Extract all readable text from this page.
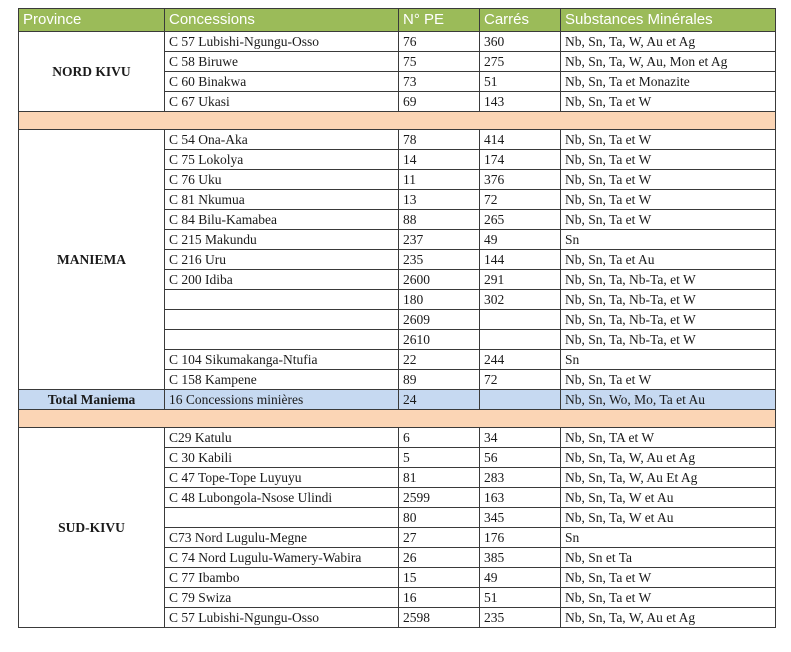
Province	Concessions	N° PE	Carrés	Substances Minérales
NORD KIVU	C 57 Lubishi-Ngungu-Osso	76	360	Nb, Sn, Ta, W, Au et Ag
	C 58 Biruwe	75	275	Nb, Sn, Ta, W, Au, Mon et Ag
	C 60 Binakwa	73	51	Nb, Sn, Ta et Monazite
	C 67 Ukasi	69	143	Nb, Sn, Ta et W

MANIEMA	C 54 Ona-Aka	78	414	Nb, Sn, Ta et W
	C 75 Lokolya	14	174	Nb, Sn, Ta et W
	C 76 Uku	11	376	Nb, Sn, Ta et W
	C 81 Nkumua	13	72	Nb, Sn, Ta et W
	C 84 Bilu-Kamabea	88	265	Nb, Sn, Ta et W
	C 215 Makundu	237	49	Sn
	C 216 Uru	235	144	Nb, Sn, Ta et Au
	C 200 Idiba	2600	291	Nb, Sn, Ta, Nb-Ta, et W
		180	302	Nb, Sn, Ta, Nb-Ta, et W
		2609		Nb, Sn, Ta, Nb-Ta, et W
		2610		Nb, Sn, Ta, Nb-Ta, et W
	C 104 Sikumakanga-Ntufia	22	244	Sn
	C 158 Kampene	89	72	Nb, Sn, Ta et W
Total Maniema	16 Concessions minières	24		Nb, Sn, Wo, Mo, Ta et Au

SUD-KIVU	C29 Katulu	6	34	Nb, Sn, TA et W
	C 30 Kabili	5	56	Nb, Sn, Ta, W, Au et Ag
	C 47 Tope-Tope Luyuyu	81	283	Nb, Sn, Ta, W, Au Et Ag
	C 48 Lubongola-Nsose Ulindi	2599	163	Nb, Sn, Ta, W et Au
		80	345	Nb, Sn, Ta, W et Au
	C73 Nord Lugulu-Megne	27	176	Sn
	C 74 Nord Lugulu-Wamery-Wabira	26	385	Nb, Sn et Ta
	C 77 Ibambo	15	49	Nb, Sn, Ta et W
	C 79 Swiza	16	51	Nb, Sn, Ta et W
	C 57 Lubishi-Ngungu-Osso	2598	235	Nb, Sn, Ta, W, Au et Ag
